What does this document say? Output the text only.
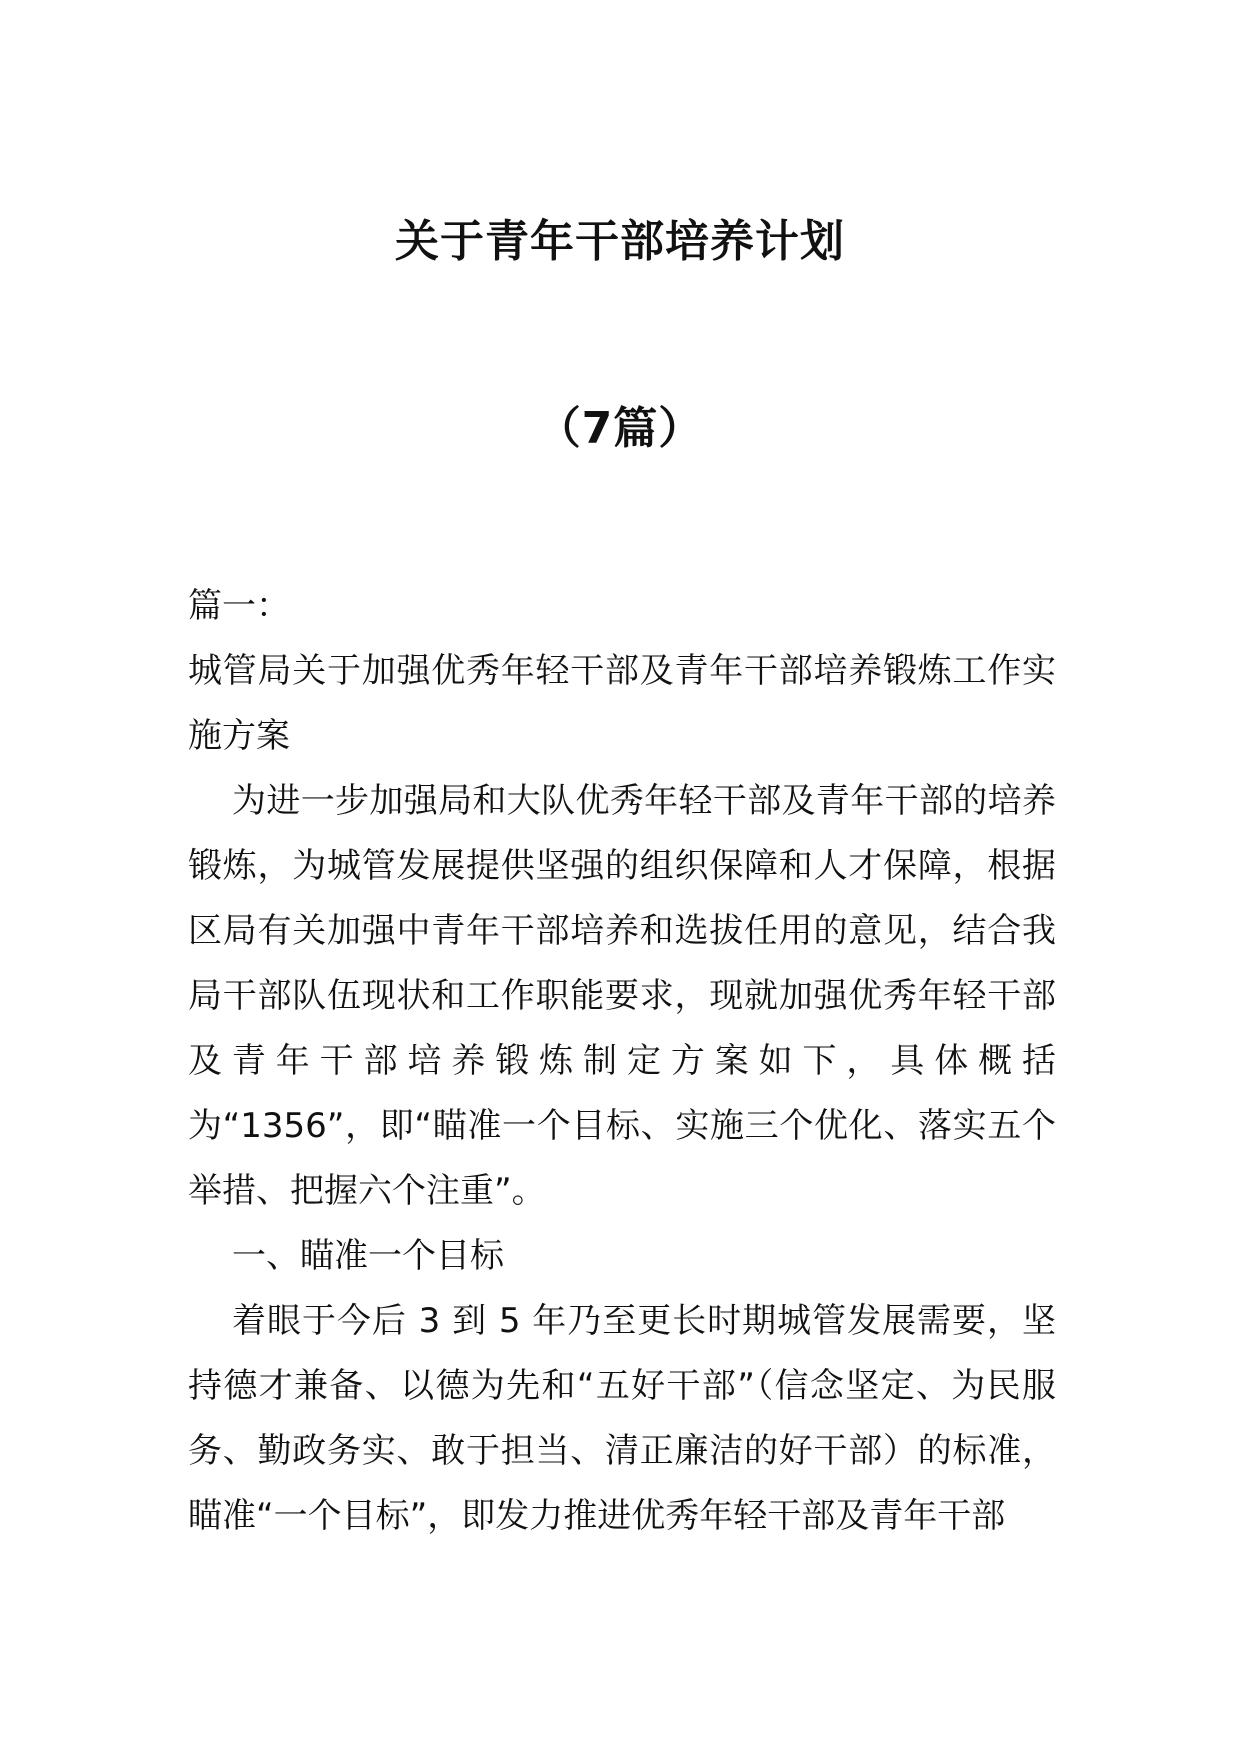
关于青年干部培养计划
（7篇）

篇一：

城管局关于加强优秀年轻干部及青年干部培养锻炼工作实施方案

为进一步加强局和大队优秀年轻干部及青年干部的培养锻炼，为城管发展提供坚强的组织保障和人才保障，根据区局有关加强中青年干部培养和选拔任用的意见，结合我局干部队伍现状和工作职能要求，现就加强优秀年轻干部及青年干部培养锻炼制定方案如下，具体概括为“1356”，即“瞄准一个目标、实施三个优化、落实五个举措、把握六个注重”。

一、瞄准一个目标

着眼于今后 3 到 5 年乃至更长时期城管发展需要，坚持德才兼备、以德为先和“五好干部”（信念坚定、为民服务、勤政务实、敢于担当、清正廉洁的好干部）的标准，瞄准“一个目标”，即发力推进优秀年轻干部及青年干部
